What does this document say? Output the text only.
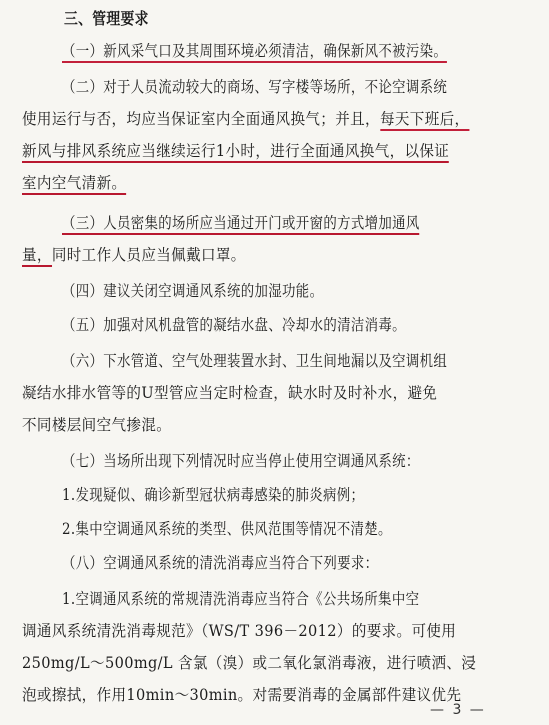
三、管理要求
（一）新风采气口及其周围环境必须清洁，确保新风不被污染。
（二）对于人员流动较大的商场、写字楼等场所，不论空调系统
使用运行与否，均应当保证室内全面通风换气；并且，每天下班后，
新风与排风系统应当继续运行1小时，进行全面通风换气，以保证
室内空气清新。
（三）人员密集的场所应当通过开门或开窗的方式增加通风
量，同时工作人员应当佩戴口罩。
（四）建议关闭空调通风系统的加湿功能。
（五）加强对风机盘管的凝结水盘、冷却水的清洁消毒。
（六）下水管道、空气处理装置水封、卫生间地漏以及空调机组
凝结水排水管等的U型管应当定时检查，缺水时及时补水，避免
不同楼层间空气掺混。
（七）当场所出现下列情况时应当停止使用空调通风系统：
1.发现疑似、确诊新型冠状病毒感染的肺炎病例；
2.集中空调通风系统的类型、供风范围等情况不清楚。
（八）空调通风系统的清洗消毒应当符合下列要求：
1.空调通风系统的常规清洗消毒应当符合《公共场所集中空
调通风系统清洗消毒规范》（WS/T 396－2012）的要求。可使用
250mg/L～500mg/L 含氯（溴）或二氧化氯消毒液，进行喷洒、浸
泡或擦拭，作用10min～30min。对需要消毒的金属部件建议优先
— 3 —
